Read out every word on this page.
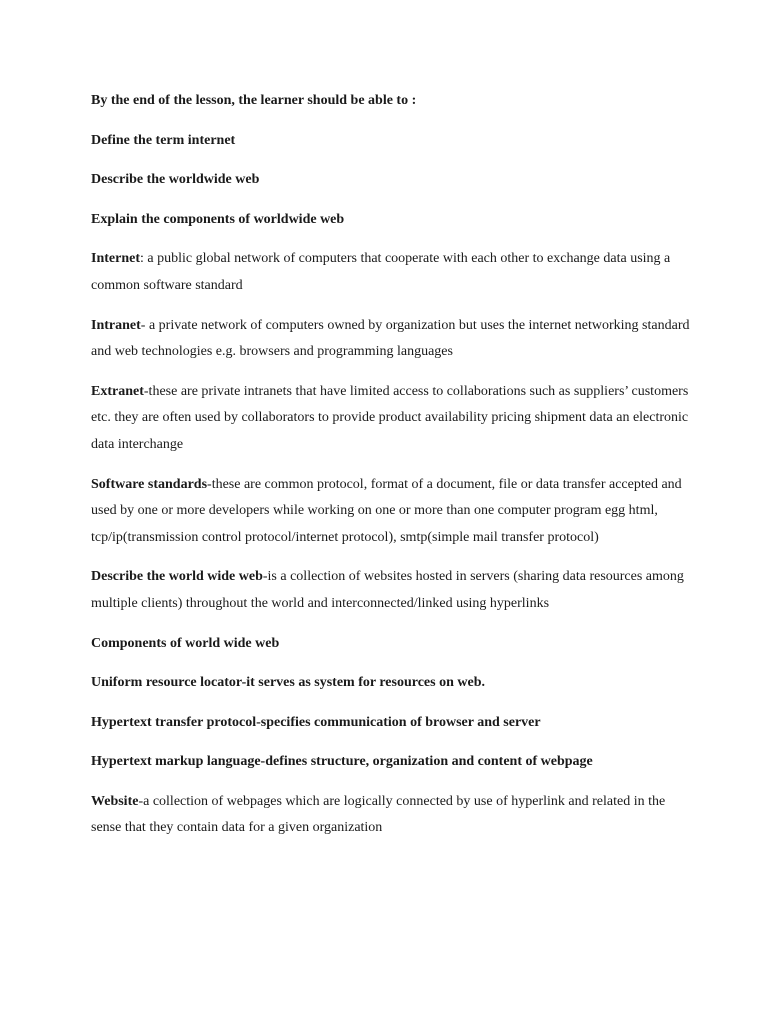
By the end of the lesson, the learner should be able to :

Define the term internet

Describe the worldwide web

Explain the components of worldwide web

Internet: a public global network of computers that cooperate with each other to exchange data using a common software standard

Intranet- a private network of computers owned by organization but uses the internet networking standard and web technologies e.g. browsers and programming languages

Extranet-these are private intranets that have limited access to collaborations such as suppliers’ customers etc. they are often used by collaborators to provide product availability pricing shipment data an electronic data interchange

Software standards-these are common protocol, format of a document, file or data transfer accepted and used by one or more developers while working on one or more than one computer program egg html, tcp/ip(transmission control protocol/internet protocol), smtp(simple mail transfer protocol)

Describe the world wide web-is a collection of websites hosted in servers (sharing data resources among multiple clients) throughout the world and interconnected/linked using hyperlinks

Components of world wide web

Uniform resource locator-it serves as system for resources on web.

Hypertext transfer protocol-specifies communication of browser and server

Hypertext markup language-defines structure, organization and content of webpage

Website-a collection of webpages which are logically connected by use of hyperlink and related in the sense that they contain data for a given organization
